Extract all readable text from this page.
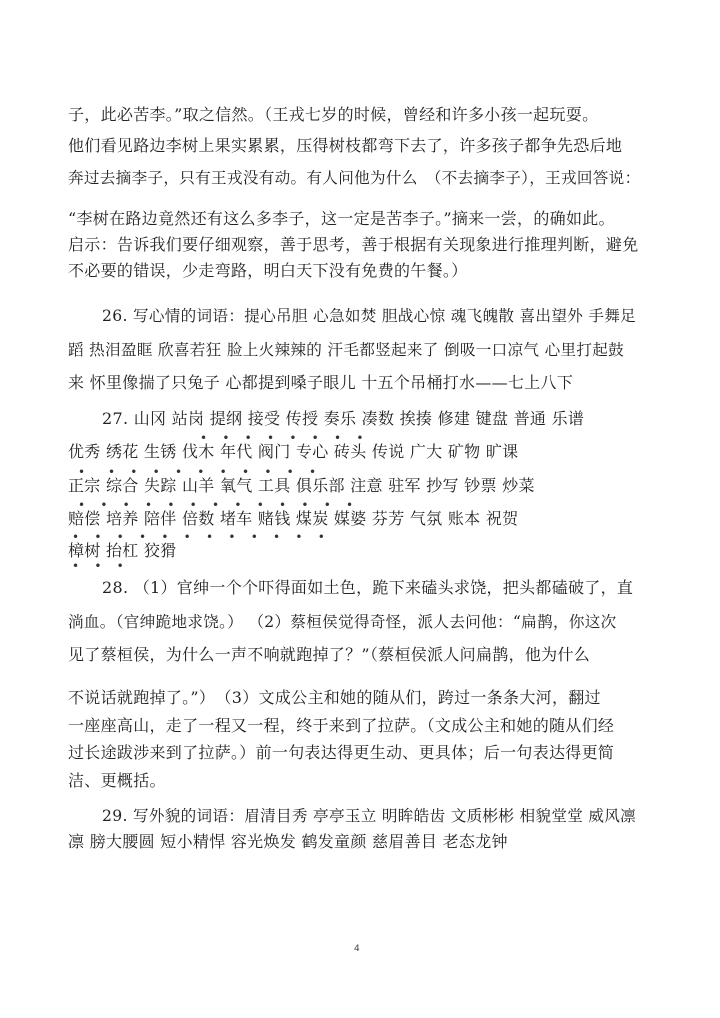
子，此必苦李。”取之信然。（王戎七岁的时候，曾经和许多小孩一起玩耍。
他们看见路边李树上果实累累，压得树枝都弯下去了，许多孩子都争先恐后地
奔过去摘李子，只有王戎没有动。有人问他为什么　（不去摘李子），王戎回答说：
“李树在路边竟然还有这么多李子，这一定是苦李子。”摘来一尝，的确如此。
启示：告诉我们要仔细观察，善于思考，善于根据有关现象进行推理判断，避免
不必要的错误，少走弯路，明白天下没有免费的午餐。）
26. 写心情的词语：提心吊胆 心急如焚 胆战心惊 魂飞魄散 喜出望外 手舞足
蹈 热泪盈眶 欣喜若狂 脸上火辣辣的 汗毛都竖起来了 倒吸一口凉气 心里打起鼓
来 怀里像揣了只兔子 心都提到嗓子眼儿 十五个吊桶打水——七上八下
27. 山冈 站岗 提纲 接受 传授 奏乐 凑数 挨揍 修建 键盘 普通 乐谱
优秀 绣花 生锈 伐木 年代 阀门 专心 砖头 传说 广大 矿物 旷课
正宗 综合 失踪 山羊 氧气 工具 俱乐部 注意 驻军 抄写 钞票 炒菜
赔偿 培养 陪伴 倍数 堵车 赌钱 煤炭 媒婆 芬芳 气氛 账本 祝贺
樟树 抬杠 狡猾
•    •    •    •    •    •    •    •
•      •    •    •    •    •    •    •    •    •    •
•    •    •    •    •    •    •    •    •    •    •    •    •
•    •    •    •    •    •    •    •    •    •    •    •
•    •    •
28. （1）官绅一个个吓得面如土色，跪下来磕头求饶，把头都磕破了，直
淌血。（官绅跪地求饶。） （2）蔡桓侯觉得奇怪，派人去问他：“扁鹊，你这次
见了蔡桓侯，为什么一声不响就跑掉了？”（蔡桓侯派人问扁鹊，他为什么
不说话就跑掉了。”）　（3）文成公主和她的随从们，跨过一条条大河，翻过
一座座高山，走了一程又一程，终于来到了拉萨。（文成公主和她的随从们经
过长途跋涉来到了拉萨。）前一句表达得更生动、更具体；后一句表达得更简
洁、更概括。
29. 写外貌的词语：眉清目秀 亭亭玉立 明眸皓齿 文质彬彬 相貌堂堂 威风凛
凛 膀大腰圆 短小精悍 容光焕发 鹤发童颜 慈眉善目 老态龙钟
4
